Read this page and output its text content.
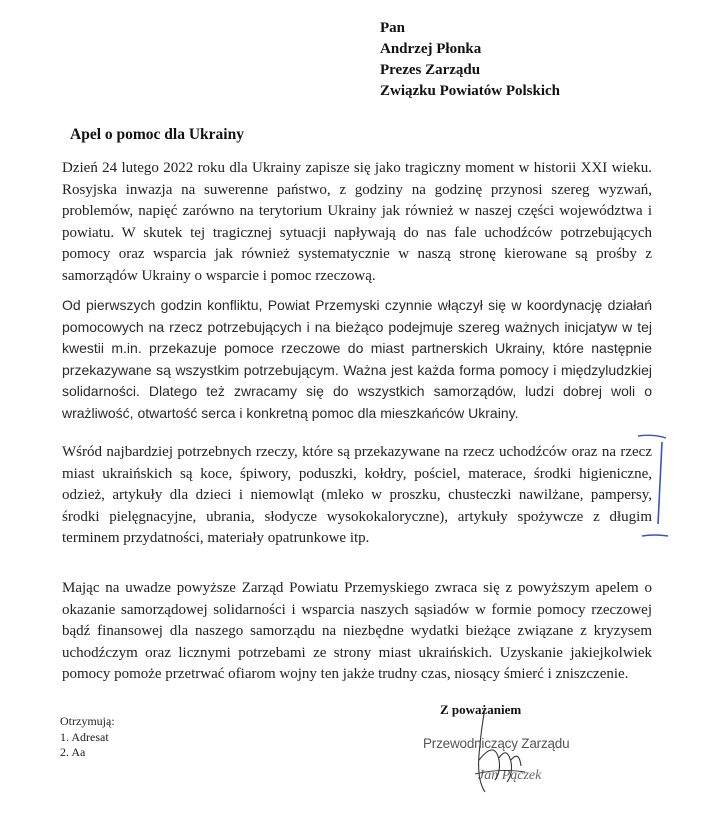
Pan
Andrzej Płonka
Prezes Zarządu
Związku Powiatów Polskich
Apel o pomoc dla Ukrainy
Dzień 24 lutego 2022 roku dla Ukrainy zapisze się jako tragiczny moment w historii XXI wieku. Rosyjska inwazja na suwerenne państwo, z godziny na godzinę przynosi szereg wyzwań, problemów, napięć zarówno na terytorium Ukrainy jak również w naszej części województwa i powiatu. W skutek tej tragicznej sytuacji napływają do nas fale uchodźców potrzebujących pomocy oraz wsparcia jak również systematycznie w naszą stronę kierowane są prośby z samorządów Ukrainy o wsparcie i pomoc rzeczową.
Od pierwszych godzin konfliktu, Powiat Przemyski czynnie włączył się w koordynację działań pomocowych na rzecz potrzebujących i na bieżąco podejmuje szereg ważnych inicjatyw w tej kwestii m.in. przekazuje pomoce rzeczowe do miast partnerskich Ukrainy, które następnie przekazywane są wszystkim potrzebującym. Ważna jest każda forma pomocy i międzyludzkiej solidarności. Dlatego też zwracamy się do wszystkich samorządów, ludzi dobrej woli o wrażliwość, otwartość serca i konkretną pomoc dla mieszkańców Ukrainy.
Wśród najbardziej potrzebnych rzeczy, które są przekazywane na rzecz uchodźców oraz na rzecz miast ukraińskich są koce, śpiwory, poduszki, kołdry, pościel, materace, środki higieniczne, odzież, artykuły dla dzieci i niemowląt (mleko w proszku, chusteczki nawilżane, pampersy, środki pielęgnacyjne, ubrania, słodycze wysokokaloryczne), artykuły spożywcze z długim terminem przydatności, materiały opatrunkowe itp.
Mając na uwadze powyższe Zarząd Powiatu Przemyskiego zwraca się z powyższym apelem o okazanie samorządowej solidarności i wsparcia naszych sąsiadów w formie pomocy rzeczowej bądź finansowej dla naszego samorządu na niezbędne wydatki bieżące związane z kryzysem uchodźczym oraz licznymi potrzebami ze strony miast ukraińskich. Uzyskanie jakiejkolwiek pomocy pomoże przetrwać ofiarom wojny ten jakże trudny czas, niosący śmierć i zniszczenie.
Otrzymują:
1. Adresat
2. Aa
Z poważaniem
Przewodniczący Zarządu
Jan Pączek
